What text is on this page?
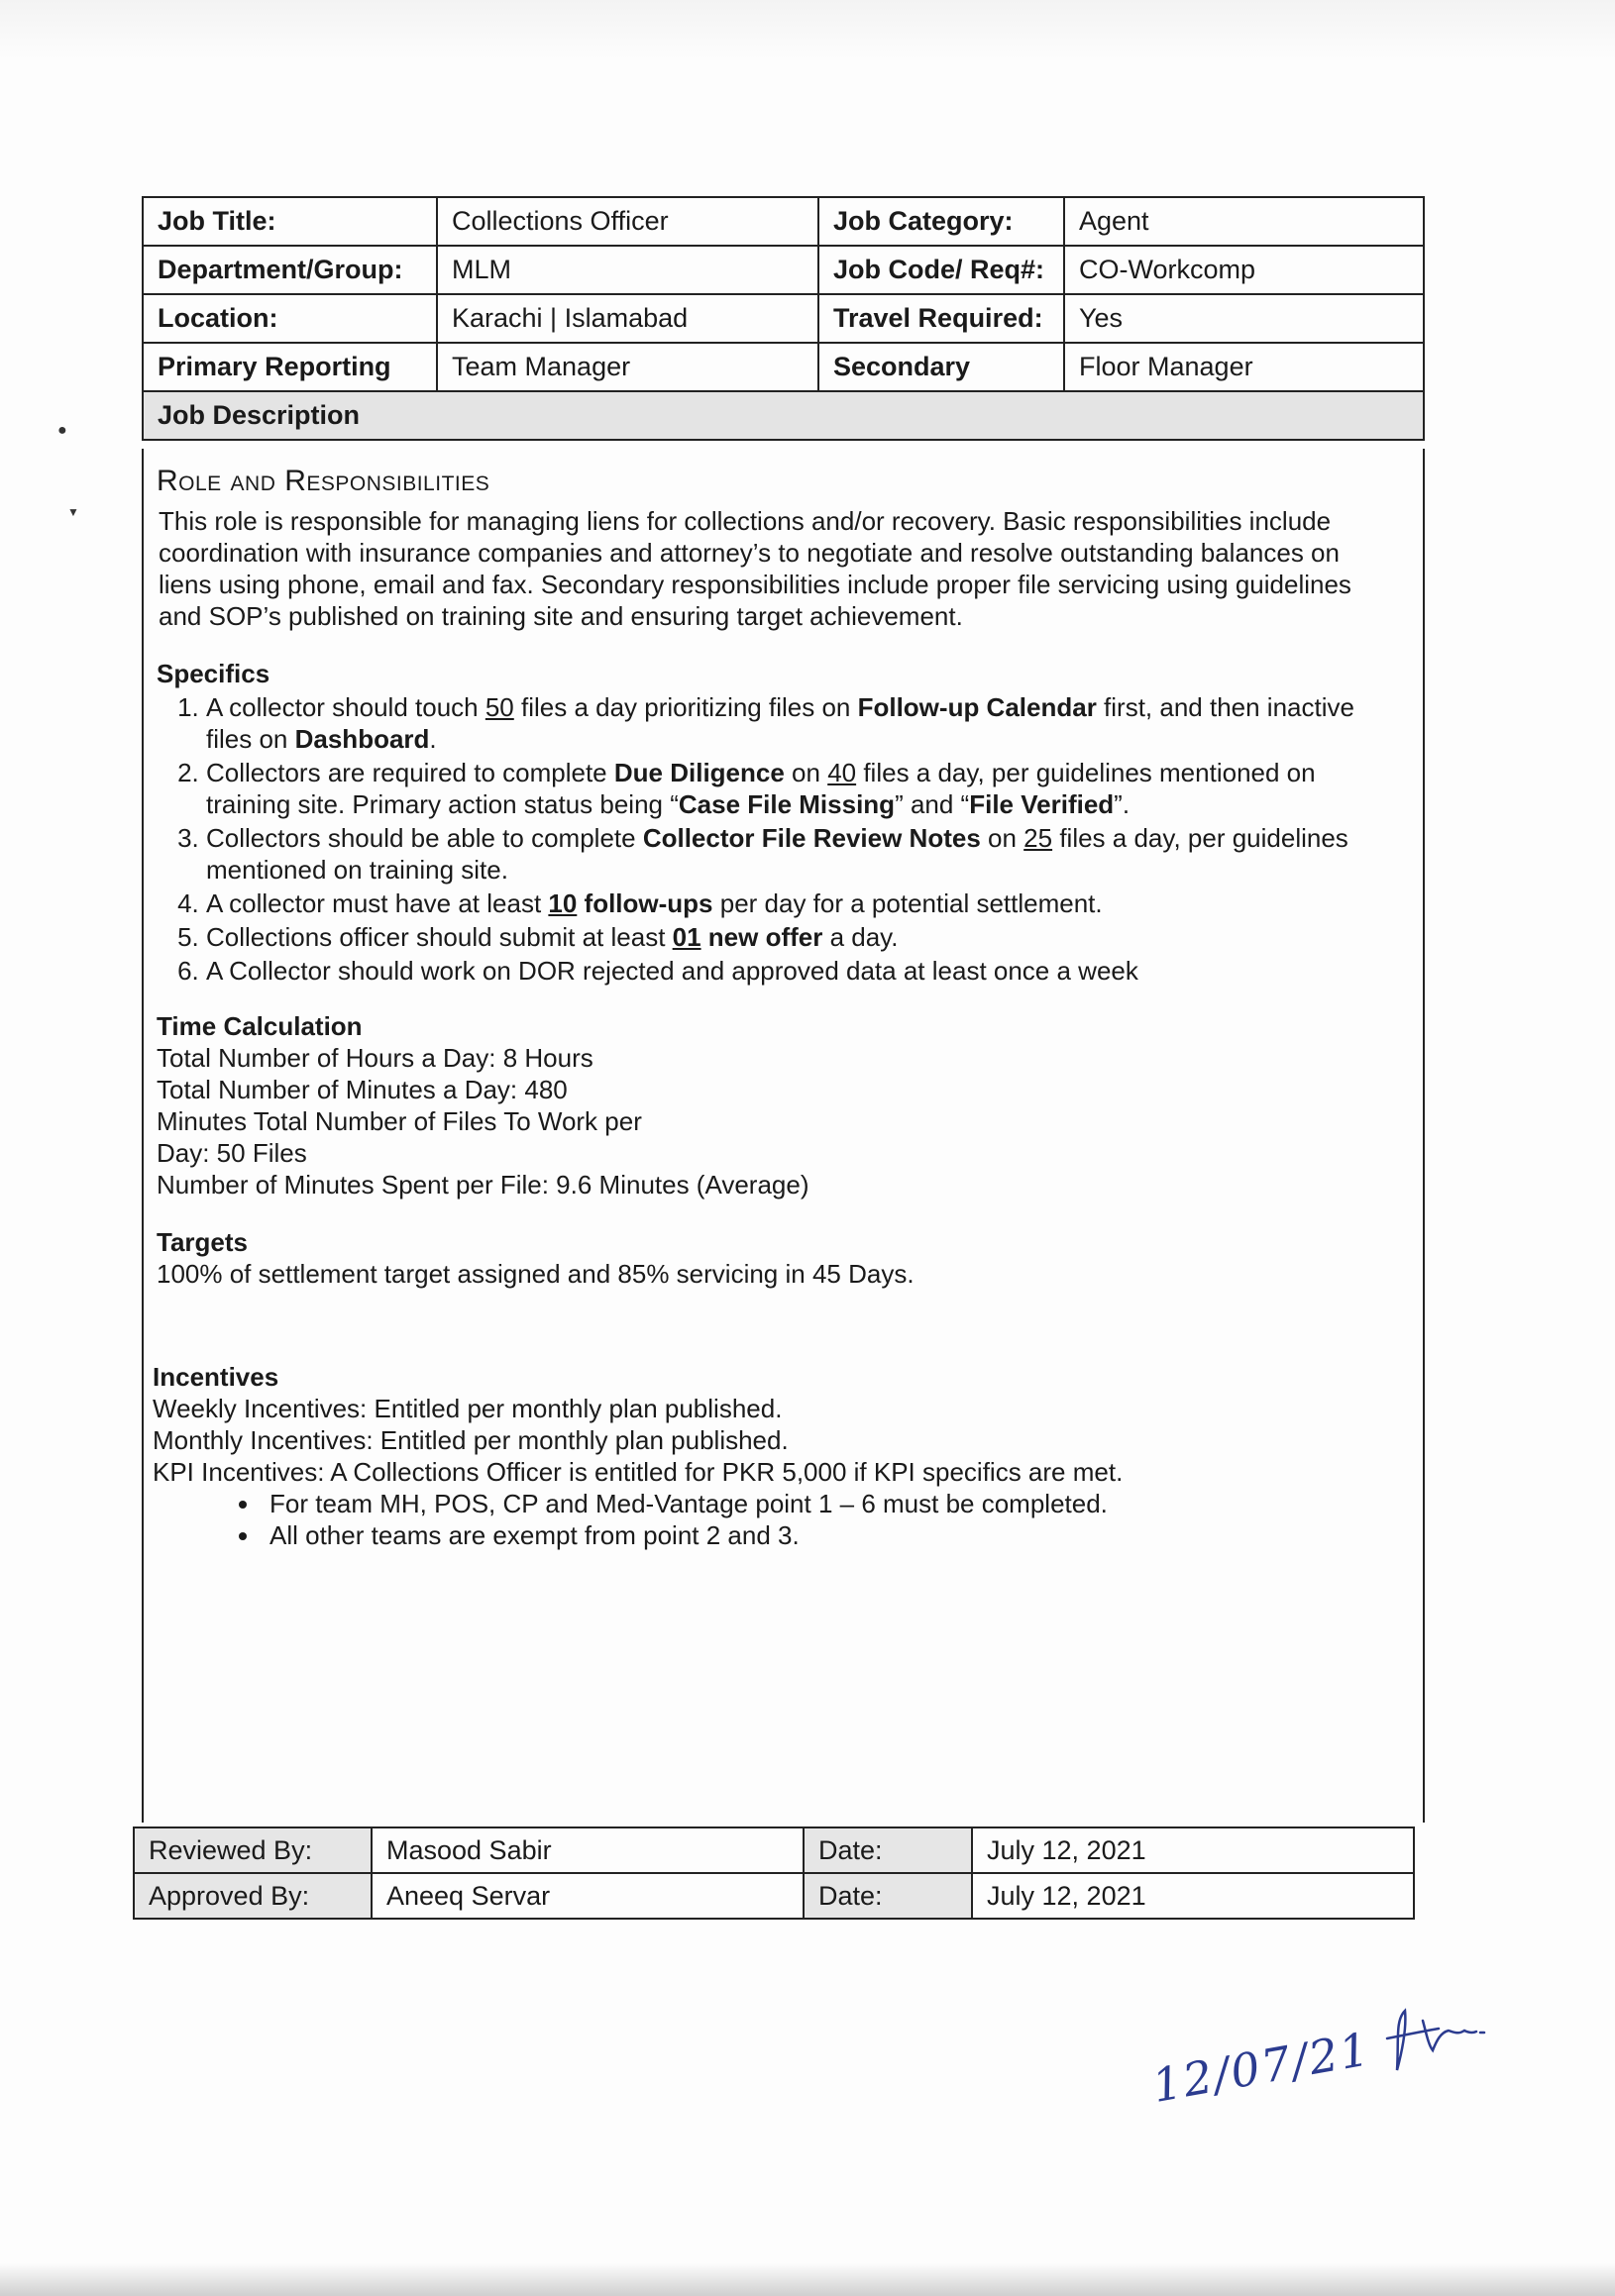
Job Title:	Collections Officer	Job Category:	Agent
Department/Group:	MLM	Job Code/ Req#:	CO-Workcomp
Location:	Karachi | Islamabad	Travel Required:	Yes
Primary Reporting	Team Manager	Secondary	Floor Manager
Job Description			
Role and Responsibilities

This role is responsible for managing liens for collections and/or recovery. Basic responsibilities include coordination with insurance companies and attorney’s to negotiate and resolve outstanding balances on liens using phone, email and fax. Secondary responsibilities include proper file servicing using guidelines and SOP’s published on training site and ensuring target achievement.

Specifics

1. A collector should touch 50 files a day prioritizing files on Follow-up Calendar first, and then inactive files on Dashboard.
2. Collectors are required to complete Due Diligence on 40 files a day, per guidelines mentioned on training site. Primary action status being “Case File Missing” and “File Verified”.
3. Collectors should be able to complete Collector File Review Notes on 25 files a day, per guidelines mentioned on training site.
4. A collector must have at least 10 follow-ups per day for a potential settlement.
5. Collections officer should submit at least 01 new offer a day.
6. A Collector should work on DOR rejected and approved data at least once a week

Time Calculation

Total Number of Hours a Day: 8 Hours

Total Number of Minutes a Day: 480

Minutes Total Number of Files To Work per

Day: 50 Files

Number of Minutes Spent per File: 9.6 Minutes (Average)

Targets

100% of settlement target assigned and 85% servicing in 45 Days.

Incentives

Weekly Incentives: Entitled per monthly plan published.

Monthly Incentives: Entitled per monthly plan published.

KPI Incentives: A Collections Officer is entitled for PKR 5,000 if KPI specifics are met.

• For team MH, POS, CP and Med-Vantage point 1 – 6 must be completed.
• All other teams are exempt from point 2 and 3.
Reviewed By:	Masood Sabir	Date:	July 12, 2021
Approved By:	Aneeq Servar	Date:	July 12, 2021
12/07/21
●
▼
